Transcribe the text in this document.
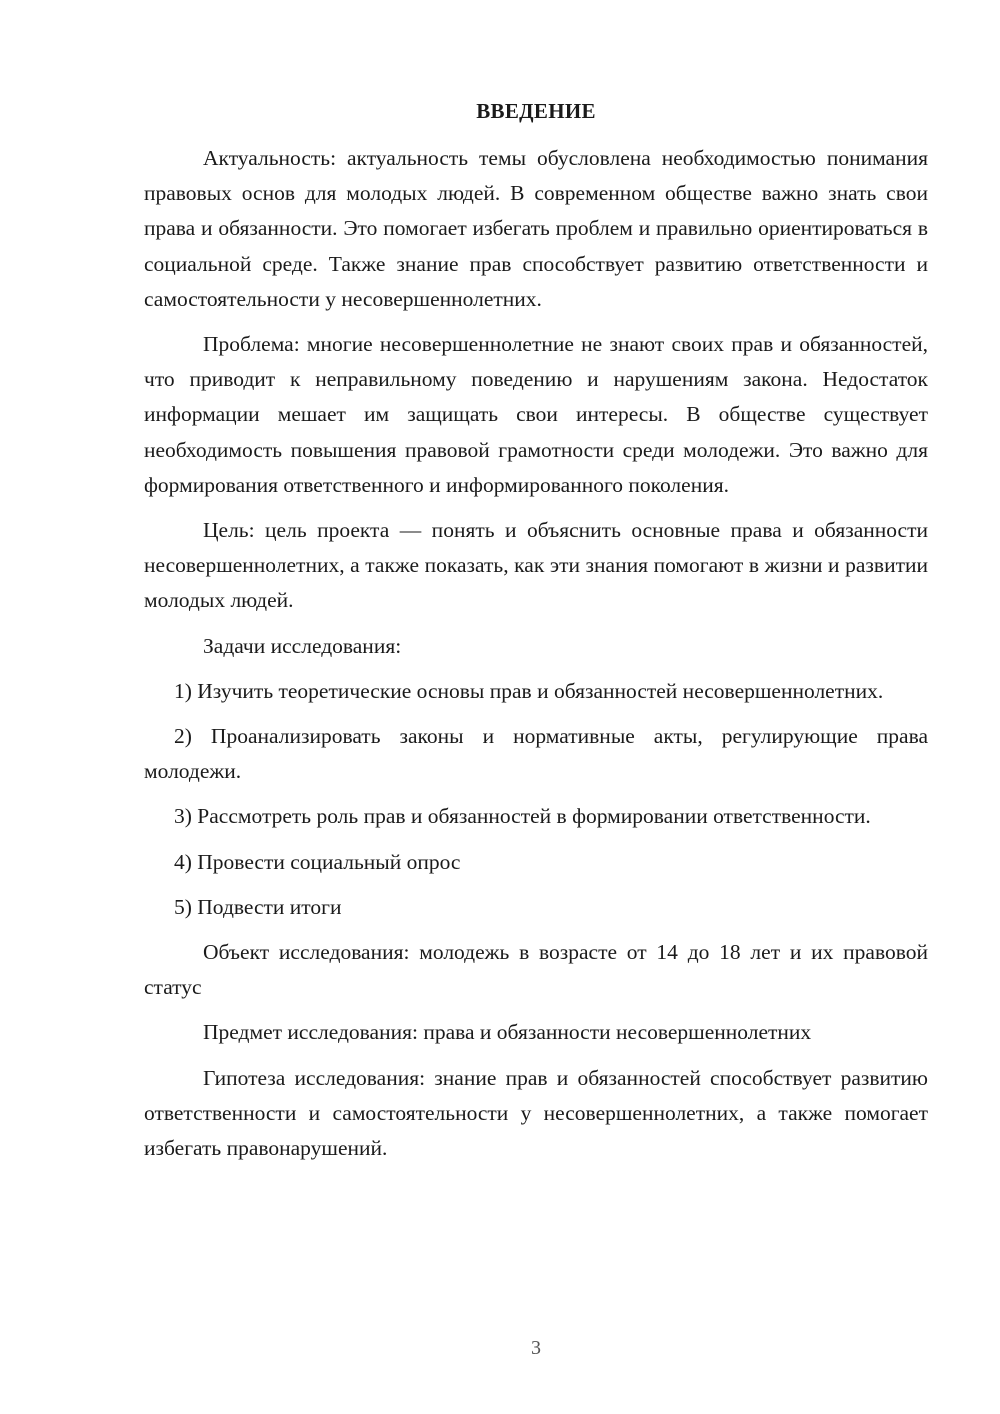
ВВЕДЕНИЕ

Актуальность: актуальность темы обусловлена необходимостью понимания правовых основ для молодых людей. В современном обществе важно знать свои права и обязанности. Это помогает избегать проблем и правильно ориентироваться в социальной среде. Также знание прав способствует развитию ответственности и самостоятельности у несовершеннолетних.

Проблема: многие несовершеннолетние не знают своих прав и обязанностей, что приводит к неправильному поведению и нарушениям закона. Недостаток информации мешает им защищать свои интересы. В обществе существует необходимость повышения правовой грамотности среди молодежи. Это важно для формирования ответственного и информированного поколения.

Цель: цель проекта — понять и объяснить основные права и обязанности несовершеннолетних, а также показать, как эти знания помогают в жизни и развитии молодых людей.

Задачи исследования:

1) Изучить теоретические основы прав и обязанностей несовершеннолетних.

2) Проанализировать законы и нормативные акты, регулирующие права молодежи.

3) Рассмотреть роль прав и обязанностей в формировании ответственности.

4) Провести социальный опрос

5) Подвести итоги

Объект исследования: молодежь в возрасте от 14 до 18 лет и их правовой статус

Предмет исследования: права и обязанности несовершеннолетних

Гипотеза исследования: знание прав и обязанностей способствует развитию ответственности и самостоятельности у несовершеннолетних, а также помогает избегать правонарушений.

3
